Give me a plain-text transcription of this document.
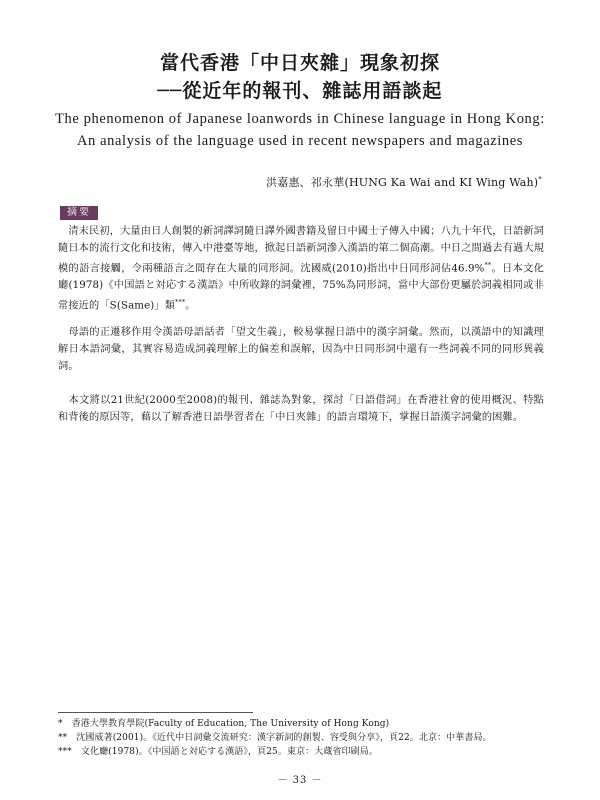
當代香港「中日夾雜」現象初探
──從近年的報刊、雜誌用語談起
The phenomenon of Japanese loanwords in Chinese language in Hong Kong:
An analysis of the language used in recent newspapers and magazines
洪嘉惠、祁永華(HUNG Ka Wai and KI Wing Wah)*
摘要
　清末民初，大量由日人創製的新詞譯詞隨日譯外國書籍及留日中國士子傳入中國；八九十年代，日語新詞隨日本的流行文化和技術，傳入中港臺等地，掀起日語新詞滲入漢語的第二個高潮。中日之間過去有過大規模的語言接觸，令兩種語言之間存在大量的同形詞。沈國威(2010)指出中日同形詞佔46.9%**。日本文化廳(1978)《中国語と対応する漢語》中所收錄的詞彙裡，75%為同形詞，當中大部份更屬於詞義相同或非常接近的「S(Same)」類***。
　母語的正遷移作用令漢語母語話者「望文生義」，較易掌握日語中的漢字詞彙。然而，以漢語中的知識理解日本語詞彙，其實容易造成詞義理解上的偏差和誤解，因為中日同形詞中還有一些詞義不同的同形異義詞。
　本文將以21世紀(2000至2008)的報刊、雜誌為對象，探討「日語借詞」在香港社會的使用概況、特點和背後的原因等，藉以了解香港日語學習者在「中日夾雜」的語言環境下，掌握日語漢字詞彙的困難。
*　香港大學教育學院(Faculty of Education, The University of Hong Kong)
**　沈國威著(2001)。《近代中日詞彙交流研究：漢字新詞的創製、容受與分享》，頁22。北京：中華書局。
***　文化廳(1978)。《中国語と対応する漢語》，頁25。東京：大蔵省印刷局。
－ 33 －
